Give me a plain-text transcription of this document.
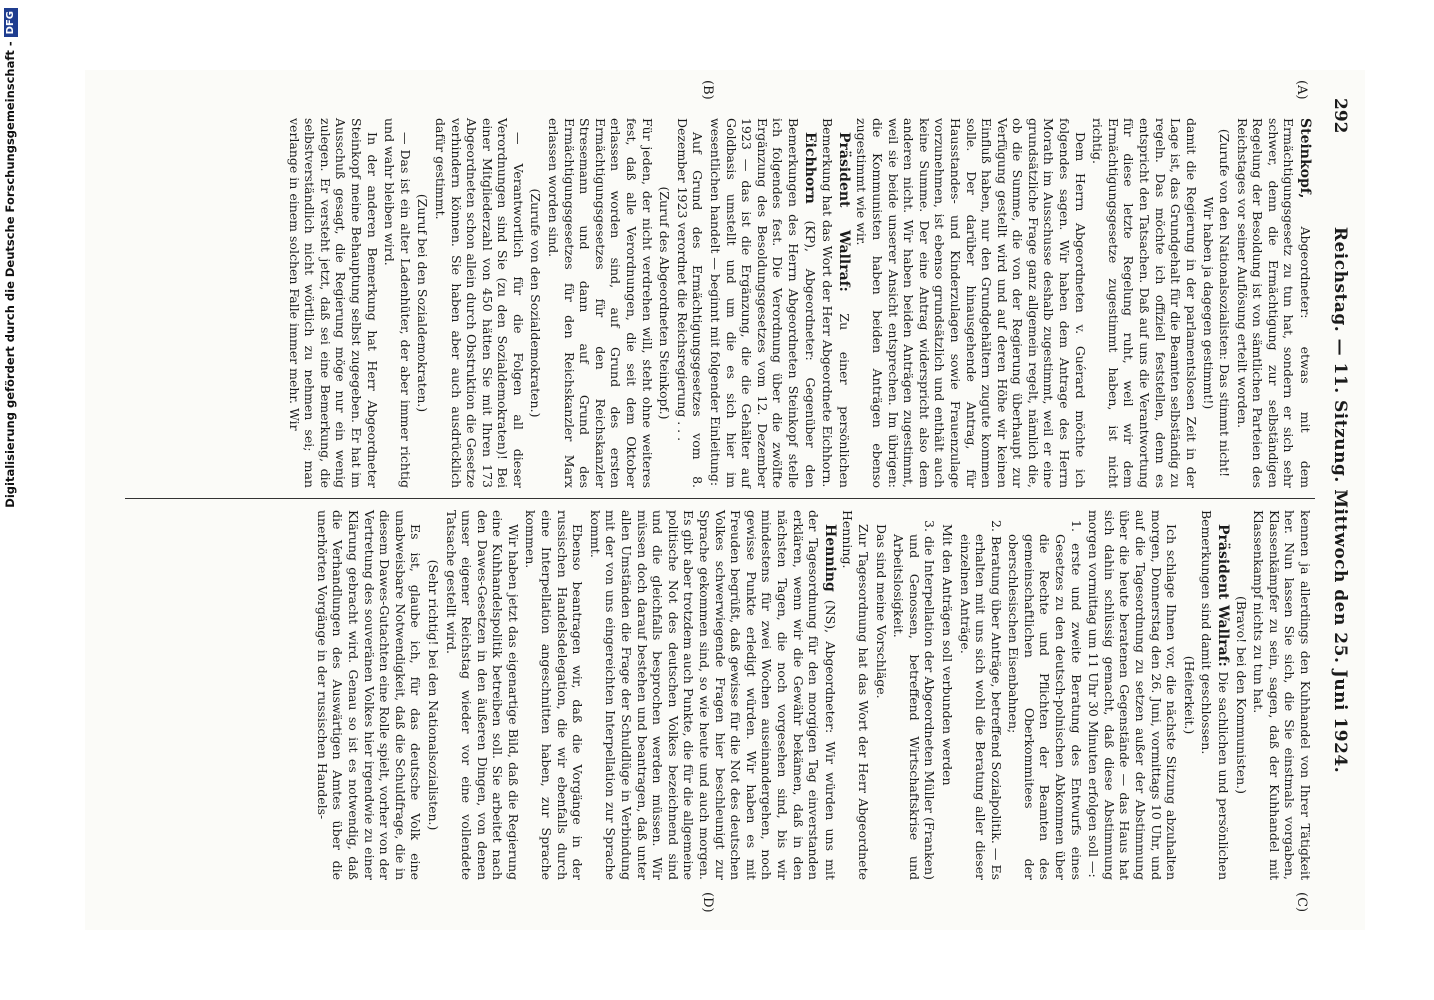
292
Reichstag. — 11. Sitzung. Mittwoch den 25. Juni 1924.
(A)
(B)
(C)
(D)

Steinkopf, Abgeordneter: etwas mit dem Ermächtigungsgesetz zu tun hat, sondern er sich sehr schwer, denn die Ermächtigung zur selbständigen Regelung der Besoldung ist von sämtlichen Parteien des Reichstages vor seiner Auflösung erteilt worden.

(Zurufe von den Nationalsozialisten: Das stimmt nicht! Wir haben ja dagegen gestimmt!)

damit die Regierung in der parlamentslosen Zeit in der Lage ist, das Grundgehalt für die Beamten selbständig zu regeln. Das möchte ich offiziell feststellen, denn es entspricht den Tatsachen. Daß auf uns die Verantwortung für diese letzte Regelung ruht, weil wir dem Ermächtigungsgesetze zugestimmt haben, ist nicht richtig.

Dem Herrn Abgeordneten v. Guérard möchte ich folgendes sagen. Wir haben dem Antrage des Herrn Morath im Ausschusse deshalb zugestimmt, weil er eine grundsätzliche Frage ganz allgemein regelt, nämlich die, ob die Summe, die von der Regierung überhaupt zur Verfügung gestellt wird und auf deren Höhe wir keinen Einfluß haben, nur den Grundgehältern zugute kommen solle. Der darüber hinausgehende Antrag, für Hausstandes- und Kinderzulagen sowie Frauenzulage vorzunehmen, ist ebenso grundsätzlich und enthält auch keine Summe. Der eine Antrag widerspricht also dem anderen nicht. Wir haben beiden Anträgen zugestimmt, weil sie beide unserer Ansicht entsprechen. Im übrigen: die Kommunisten haben beiden Anträgen ebenso zugestimmt wie wir.

Präsident Wallraf: Zu einer persönlichen Bemerkung hat das Wort der Herr Abgeordnete Eichhorn.

Eichhorn (KP), Abgeordneter: Gegenüber den Bemerkungen des Herrn Abgeordneten Steinkopf stelle ich folgendes fest. Die Verordnung über die zwölfte Ergänzung des Besoldungsgesetzes vom 12. Dezember 1923 — das ist die Ergänzung, die die Gehälter auf Goldbasis umstellt und um die es sich hier im wesentlichen handelt — beginnt mit folgender Einleitung:

Auf Grund des Ermächtigungsgesetzes vom 8. Dezember 1923 verordnet die Reichsregierung . . .

(Zuruf des Abgeordneten Steinkopf.)

Für jeden, der nicht verdrehen will, steht ohne weiteres fest, daß alle Verordnungen, die seit dem Oktober erlassen worden sind, auf Grund des ersten Ermächtigungsgesetzes für den Reichskanzler Stresemann und dann auf Grund des Ermächtigungsgesetzes für den Reichskanzler Marx erlassen worden sind.

(Zurufe von den Sozialdemokraten.)

— Verantwortlich für die Folgen all dieser Verordnungen sind Sie (zu den Sozialdemokraten)! Bei einer Mitgliederzahl von 450 hätten Sie mit Ihren 173 Abgeordneten schon allein durch Obstruktion die Gesetze verhindern können. Sie haben aber auch ausdrücklich dafür gestimmt.

(Zuruf bei den Sozialdemokraten.)

— Das ist ein alter Ladenhüter, der aber immer richtig und wahr bleiben wird.

In der anderen Bemerkung hat Herr Abgeordneter Steinkopf meine Behauptung selbst zugegeben. Er hat im Ausschuß gesagt, die Regierung möge nur ein wenig zulegen. Er versteht jetzt, daß sei eine Bemerkung, die selbstverständlich nicht wörtlich zu nehmen sei; man verlange in einem solchen Falle immer mehr. Wir

kennen ja allerdings den Kuhhandel von Ihrer Tätigkeit her. Nun lassen Sie sich, die Sie einstmals vorgaben, Klassenkämpfer zu sein, sagen, daß der Kuhhandel mit Klassenkampf nichts zu tun hat.

(Bravo! bei den Kommunisten.)

Präsident Wallraf: Die sachlichen und persönlichen Bemerkungen sind damit geschlossen.

(Heiterkeit.)

Ich schlage Ihnen vor, die nächste Sitzung abzuhalten morgen, Donnerstag den 26. Juni, vormittags 10 Uhr, und auf die Tagesordnung zu setzen außer der Abstimmung über die heute beratenen Gegenstände — das Haus hat sich dahin schlüssig gemacht, daß diese Abstimmung morgen vormittag um 11 Uhr 30 Minuten erfolgen soll —:

1. erste und zweite Beratung des Entwurfs eines Gesetzes zu den deutsch-polnischen Abkommen über die Rechte und Pflichten der Beamten des gemeinschaftlichen Oberkommitees der oberschlesischen Eisenbahnen;

2. Beratung über Anträge, betreffend Sozialpolitik. — Es erhalten mit uns sich wohl die Beratung aller dieser einzelnen Anträge.

Mit den Anträgen soll verbunden werden

3. die Interpellation der Abgeordneten Müller (Franken) und Genossen, betreffend Wirtschaftskrise und Arbeitslosigkeit.

Das sind meine Vorschläge.

Zur Tagesordnung hat das Wort der Herr Abgeordnete Henning.

Henning (NS), Abgeordneter: Wir würden uns mit der Tagesordnung für den morgigen Tag einverstanden erklären, wenn wir die Gewähr bekämen, daß in den nächsten Tagen, die noch vorgesehen sind, bis wir mindestens für zwei Wochen auseinandergehen, noch gewisse Punkte erledigt würden. Wir haben es mit Freuden begrüßt, daß gewisse für die Not des deutschen Volkes schwerwiegende Fragen hier beschleunigt zur Sprache gekommen sind, so wie heute und auch morgen. Es gibt aber trotzdem auch Punkte, die für die allgemeine politische Not des deutschen Volkes bezeichnend sind und die gleichfalls besprochen werden müssen. Wir müssen doch darauf bestehen und beantragen, daß unter allen Umständen die Frage der Schuldlüge in Verbindung mit der von uns eingereichten Interpellation zur Sprache kommt.

Ebenso beantragen wir, daß die Vorgänge in der russischen Handelsdelegation, die wir ebenfalls durch eine Interpellation angeschnitten haben, zur Sprache kommen.

Wir haben jetzt das eigenartige Bild, daß die Regierung eine Kuhhandelspolitik betreiben soll. Sie arbeitet nach den Dawes-Gesetzen in den äußeren Dingen, von denen unser eigener Reichstag wieder vor eine vollendete Tatsache gestellt wird.

(Sehr richtig! bei den Nationalsozialisten.)

Es ist, glaube ich, für das deutsche Volk eine unabweisbare Notwendigkeit, daß die Schuldfrage, die in diesem Dawes-Gutachten eine Rolle spielt, vorher von der Vertretung des souveränen Volkes hier irgendwie zu einer Klärung gebracht wird. Genau so ist es notwendig, daß die Verhandlungen des Auswärtigen Amtes über die unerhörten Vorgänge in der russischen Handels-

Digitalisierung gefördert durch die Deutsche Forschungsgemeinschaft -DFG
